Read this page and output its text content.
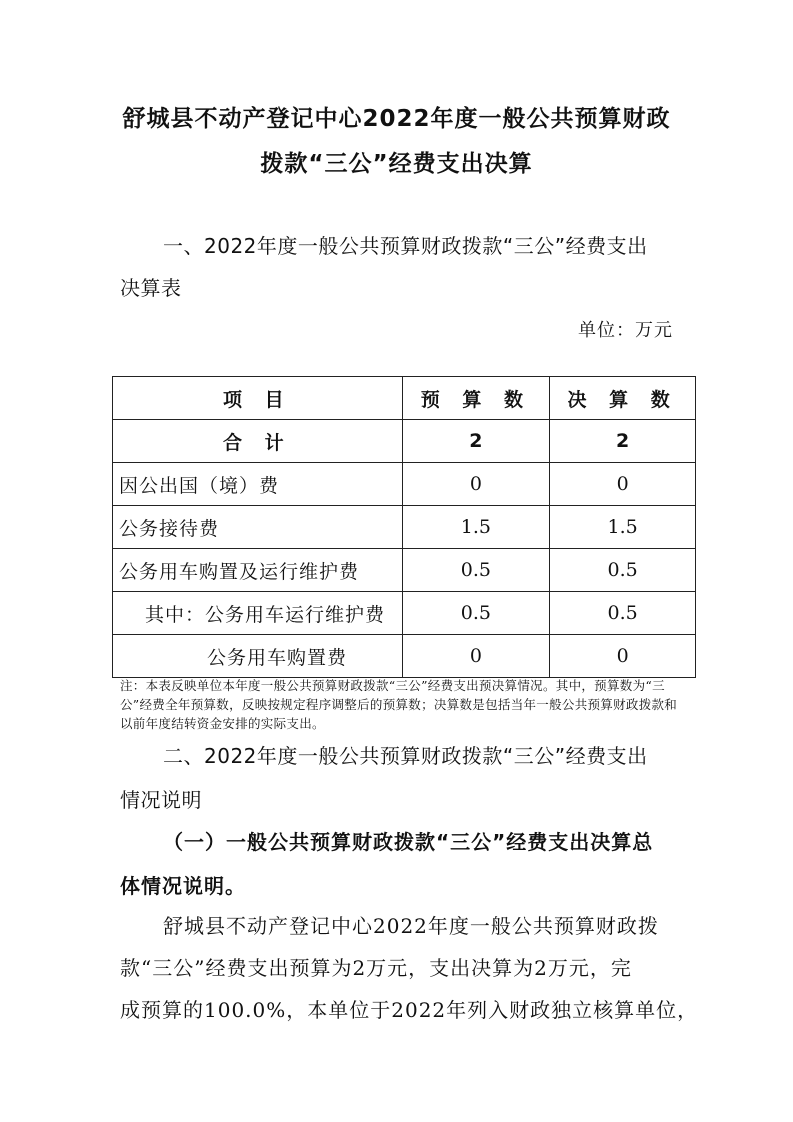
舒城县不动产登记中心2022年度一般公共预算财政
拨款“三公”经费支出决算
一、2022年度一般公共预算财政拨款“三公”经费支出
决算表
单位：万元
项 目	预 算 数	决 算 数
合 计	2	2
因公出国（境）费	0	0
公务接待费	1.5	1.5
公务用车购置及运行维护费	0.5	0.5
其中：公务用车运行维护费	0.5	0.5
公务用车购置费	0	0
注：本表反映单位本年度一般公共预算财政拨款“三公”经费支出预决算情况。其中，预算数为“三公”经费全年预算数，反映按规定程序调整后的预算数；决算数是包括当年一般公共预算财政拨款和以前年度结转资金安排的实际支出。
二、2022年度一般公共预算财政拨款“三公”经费支出
情况说明
（一）一般公共预算财政拨款“三公”经费支出决算总
体情况说明。
舒城县不动产登记中心2022年度一般公共预算财政拨
款“三公”经费支出预算为2万元，支出决算为2万元，完
成预算的100.0%，本单位于2022年列入财政独立核算单位，
